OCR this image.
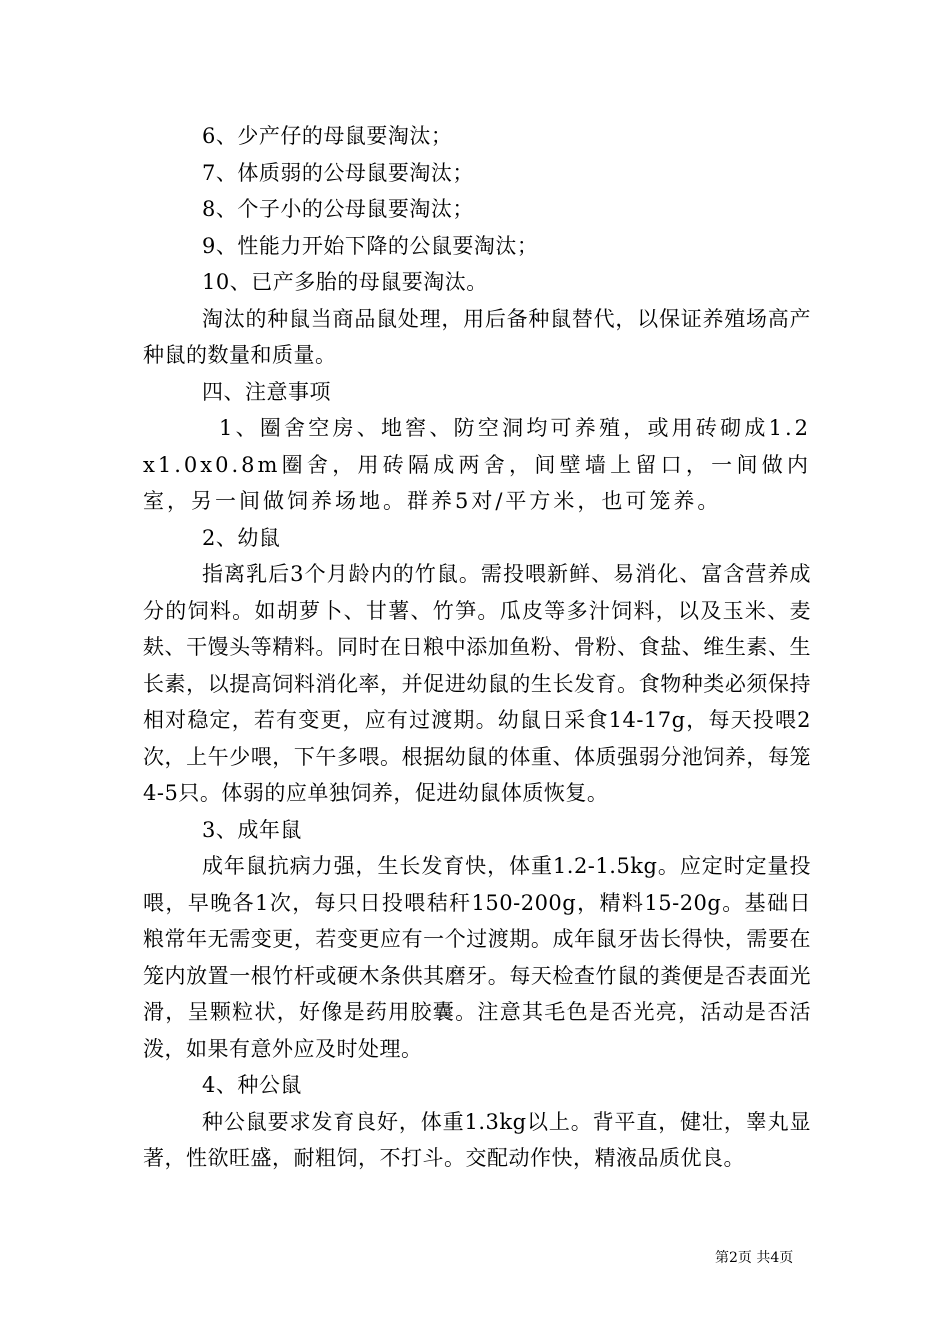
6、少产仔的母鼠要淘汰；

7、体质弱的公母鼠要淘汰；

8、个子小的公母鼠要淘汰；

9、性能力开始下降的公鼠要淘汰；

10、已产多胎的母鼠要淘汰。

淘汰的种鼠当商品鼠处理，用后备种鼠替代，以保证养殖场高产种鼠的数量和质量。

四、注意事项

1、圈舍空房、地窖、防空洞均可养殖，或用砖砌成1.2x1.0x0.8m圈舍，用砖隔成两舍，间壁墙上留口，一间做内室，另一间做饲养场地。群养5对/平方米，也可笼养。

2、幼鼠

指离乳后3个月龄内的竹鼠。需投喂新鲜、易消化、富含营养成分的饲料。如胡萝卜、甘薯、竹笋。瓜皮等多汁饲料，以及玉米、麦麸、干馒头等精料。同时在日粮中添加鱼粉、骨粉、食盐、维生素、生长素，以提高饲料消化率，并促进幼鼠的生长发育。食物种类必须保持相对稳定，若有变更，应有过渡期。幼鼠日采食14-17g，每天投喂2次，上午少喂，下午多喂。根据幼鼠的体重、体质强弱分池饲养，每笼4-5只。体弱的应单独饲养，促进幼鼠体质恢复。

3、成年鼠

成年鼠抗病力强，生长发育快，体重1.2-1.5kg。应定时定量投喂，早晚各1次，每只日投喂秸秆150-200g，精料15-20g。基础日粮常年无需变更，若变更应有一个过渡期。成年鼠牙齿长得快，需要在笼内放置一根竹杆或硬木条供其磨牙。每天检查竹鼠的粪便是否表面光滑，呈颗粒状，好像是药用胶囊。注意其毛色是否光亮，活动是否活泼，如果有意外应及时处理。

4、种公鼠

种公鼠要求发育良好，体重1.3kg以上。背平直，健壮，睾丸显著，性欲旺盛，耐粗饲，不打斗。交配动作快，精液品质优良。

第2页 共4页
